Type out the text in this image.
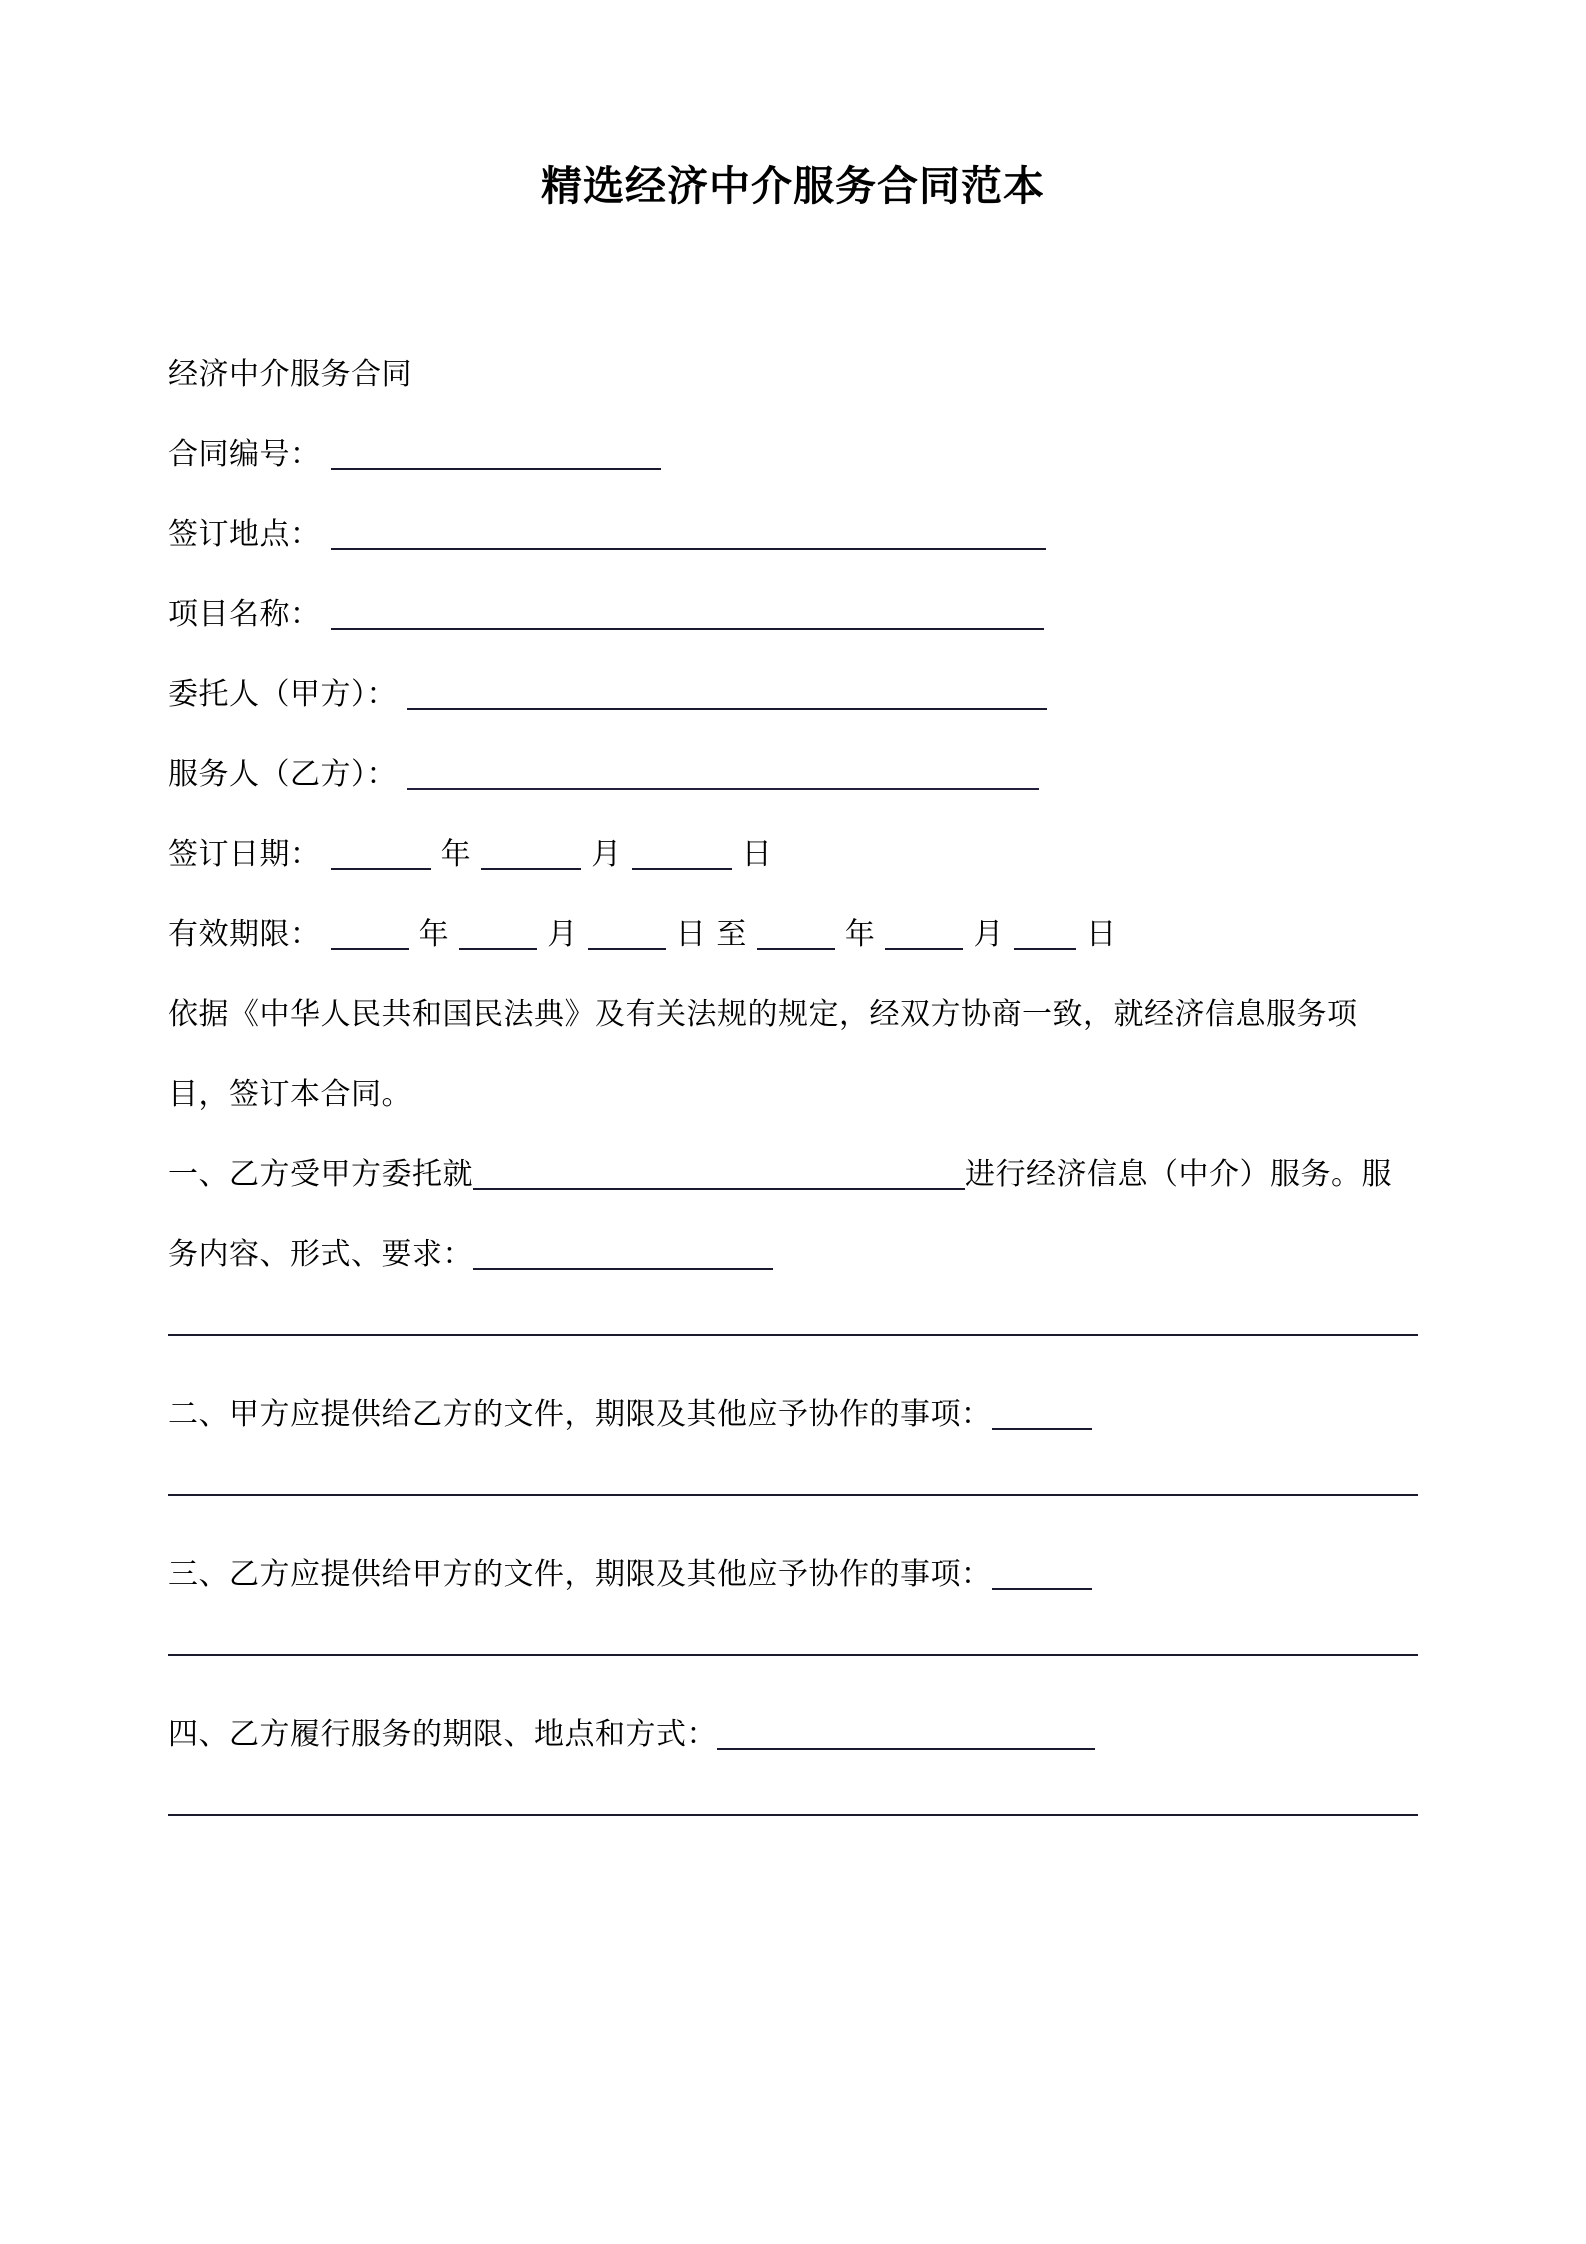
精选经济中介服务合同范本
经济中介服务合同
合同编号：
签订地点：
项目名称：
委托人（甲方）：
服务人（乙方）：
签订日期：	年	月	日
有效期限：	年	月	日 至	年	月	日
依据《中华人民共和国民法典》及有关法规的规定，经双方协商一致，就经济信息服务项目，签订本合同。
一、乙方受甲方委托就	进行经济信息（中介）服务。服务内容、形式、要求：
二、甲方应提供给乙方的文件，期限及其他应予协作的事项：
三、乙方应提供给甲方的文件，期限及其他应予协作的事项：
四、乙方履行服务的期限、地点和方式：
